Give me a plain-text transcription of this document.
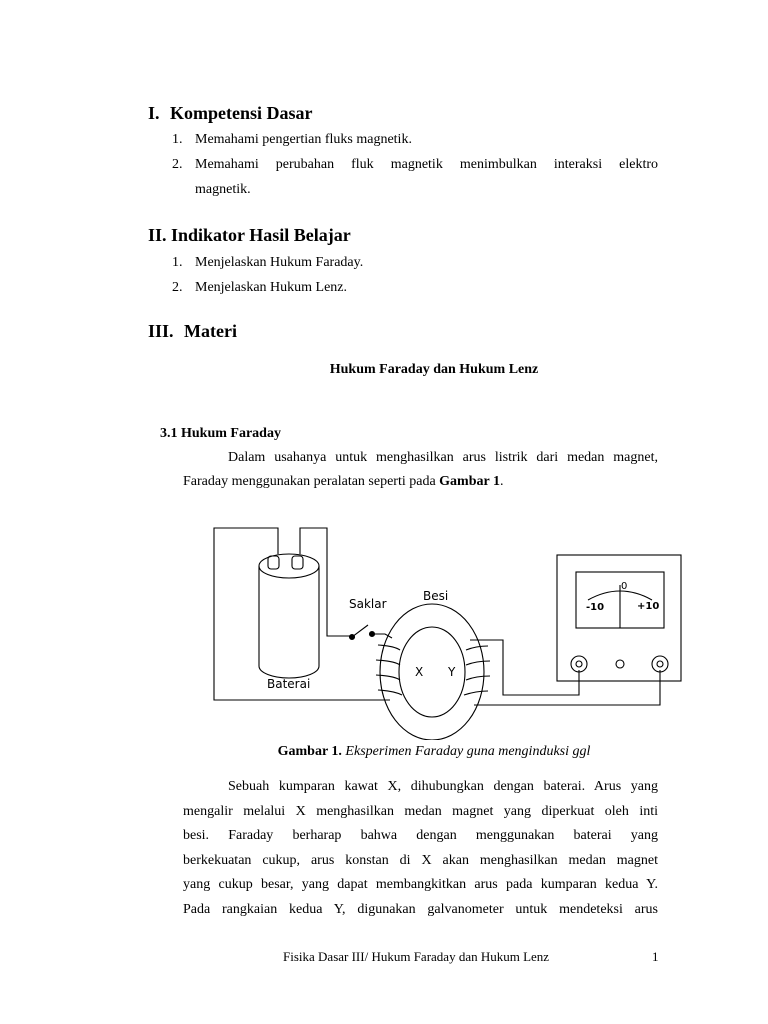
I. Kompetensi Dasar
1. Memahami pengertian fluks magnetik.
2. Memahami perubahan fluk magnetik menimbulkan interaksi elektro
magnetik.
II. Indikator Hasil Belajar
1. Menjelaskan Hukum Faraday.
2. Menjelaskan Hukum Lenz.
III. Materi
Hukum Faraday dan Hukum Lenz
3.1 Hukum Faraday
Dalam usahanya untuk menghasilkan arus listrik dari medan magnet,
Faraday menggunakan peralatan seperti pada Gambar 1.
Baterai
Saklar
Besi
X Y
0
-10	+10
Gambar 1. Eksperimen Faraday guna menginduksi ggl
Sebuah kumparan kawat X, dihubungkan dengan baterai. Arus yang
mengalir melalui X menghasilkan medan magnet yang diperkuat oleh inti
besi. Faraday berharap bahwa dengan menggunakan baterai yang
berkekuatan cukup, arus konstan di X akan menghasilkan medan magnet
yang cukup besar, yang dapat membangkitkan arus pada kumparan kedua Y.
Pada rangkaian kedua Y, digunakan galvanometer untuk mendeteksi arus
Fisika Dasar III/ Hukum Faraday dan Hukum Lenz	1
